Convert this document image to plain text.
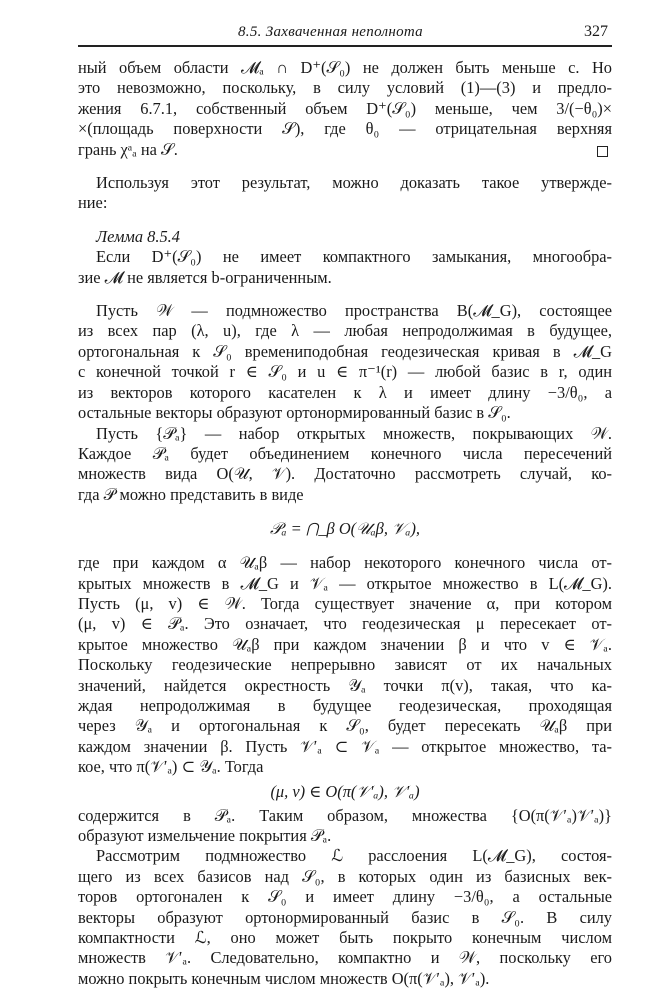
8.5. Захваченная неполнота	327
ный объем области 𝓜ₐ ∩ D⁺(𝒮₀) не должен быть меньше c. Но
это невозможно, поскольку, в силу условий (1)—(3) и предло-
жения 6.7.1, собственный объем D⁺(𝒮₀) меньше, чем 3/(−θ₀)×
×(площадь поверхности 𝒮), где θ₀ — отрицательная верхняя
грань χᵃₐ на 𝒮.
Используя этот результат, можно доказать такое утвержде-
ние:
Лемма 8.5.4
Если D⁺(𝒮₀) не имеет компактного замыкания, многообра-
зие 𝓜 не является b-ограниченным.
Пусть 𝒲 — подмножество пространства B(𝓜_G), состоящее
из всех пар (λ, u), где λ — любая непродолжимая в будущее,
ортогональная к 𝒮₀ времениподобная геодезическая кривая в 𝓜_G
с конечной точкой r ∈ 𝒮₀ и u ∈ π⁻¹(r) — любой базис в r, один
из векторов которого касателен к λ и имеет длину −3/θ₀, а
остальные векторы образуют ортонормированный базис в 𝒮₀.
Пусть {𝒫ₐ} — набор открытых множеств, покрывающих 𝒲.
Каждое 𝒫ₐ будет объединением конечного числа пересечений
множеств вида O(𝒰, 𝒱). Достаточно рассмотреть случай, ко-
гда 𝒫 можно представить в виде
𝒫ₐ = ⋂_β O(𝒰ₐβ, 𝒱ₐ),
где при каждом α 𝒰ₐβ — набор некоторого конечного числа от-
крытых множеств в 𝓜_G и 𝒱ₐ — открытое множество в L(𝓜_G).
Пусть (μ, v) ∈ 𝒲. Тогда существует значение α, при котором
(μ, v) ∈ 𝒫ₐ. Это означает, что геодезическая μ пересекает от-
крытое множество 𝒰ₐβ при каждом значении β и что v ∈ 𝒱ₐ.
Поскольку геодезические непрерывно зависят от их начальных
значений, найдется окрестность 𝒴ₐ точки π(v), такая, что ка-
ждая непродолжимая в будущее геодезическая, проходящая
через 𝒴ₐ и ортогональная к 𝒮₀, будет пересекать 𝒰ₐβ при
каждом значении β. Пусть 𝒱′ₐ ⊂ 𝒱ₐ — открытое множество, та-
кое, что π(𝒱′ₐ) ⊂ 𝒴ₐ. Тогда
(μ, v) ∈ O(π(𝒱′ₐ), 𝒱′ₐ)
содержится в 𝒫ₐ. Таким образом, множества {O(π(𝒱′ₐ)𝒱′ₐ)}
образуют измельчение покрытия 𝒫ₐ.
Рассмотрим подмножество ℒ расслоения L(𝓜_G), состоя-
щего из всех базисов над 𝒮₀, в которых один из базисных век-
торов ортогонален к 𝒮₀ и имеет длину −3/θ₀, а остальные
векторы образуют ортонормированный базис в 𝒮₀. В силу
компактности ℒ, оно может быть покрыто конечным числом
множеств 𝒱′ₐ. Следовательно, компактно и 𝒲, поскольку его
можно покрыть конечным числом множеств O(π(𝒱′ₐ), 𝒱′ₐ).
